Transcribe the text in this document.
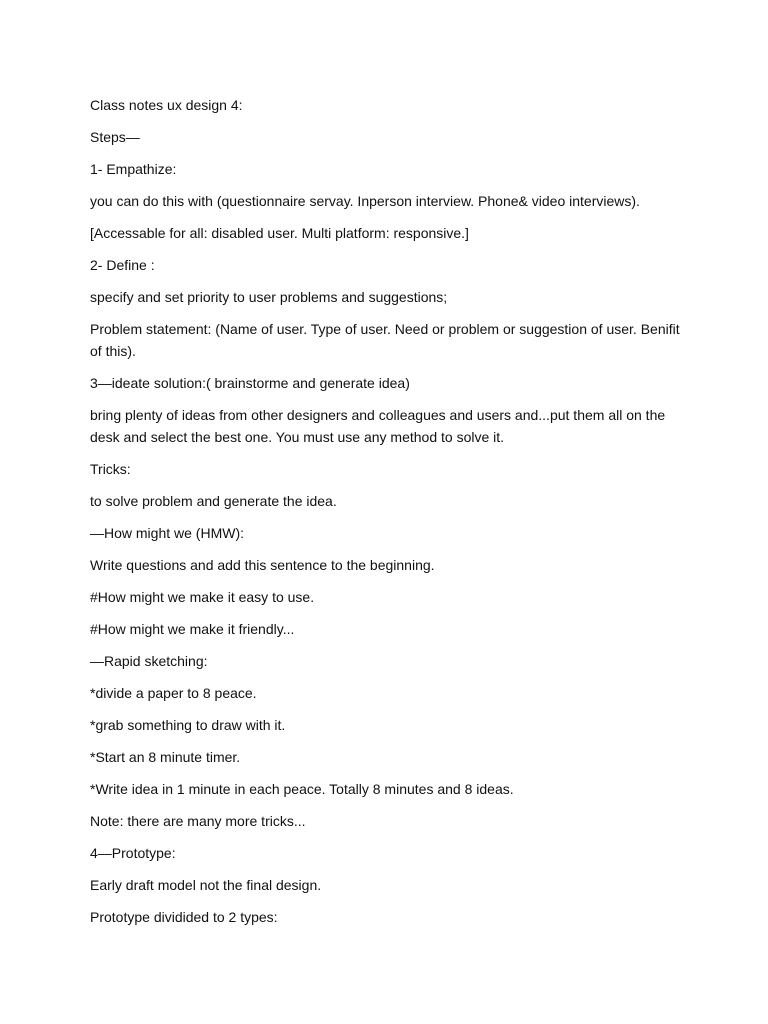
Class notes ux design 4:

Steps—

1- Empathize:

you can do this with (questionnaire servay. Inperson interview. Phone& video interviews).

[Accessable for all: disabled user. Multi platform: responsive.]

2- Define :

specify and set priority to user problems and suggestions;

Problem statement: (Name of user. Type of user. Need or problem or suggestion of user. Benifit of this).

3—ideate solution:( brainstorme and generate idea)

bring plenty of ideas from other designers and colleagues and users and...put them all on the desk and select the best one. You must use any method to solve it.

Tricks:

to solve problem and generate the idea.

—How might we (HMW):

Write questions and add this sentence to the beginning.

#How might we make it easy to use.

#How might we make it friendly...

—Rapid sketching:

*divide a paper to 8 peace.

*grab something to draw with it.

*Start an 8 minute timer.

*Write idea in 1 minute in each peace. Totally 8 minutes and 8 ideas.

Note: there are many more tricks...

4—Prototype:

Early draft model not the final design.

Prototype dividided to 2 types:
